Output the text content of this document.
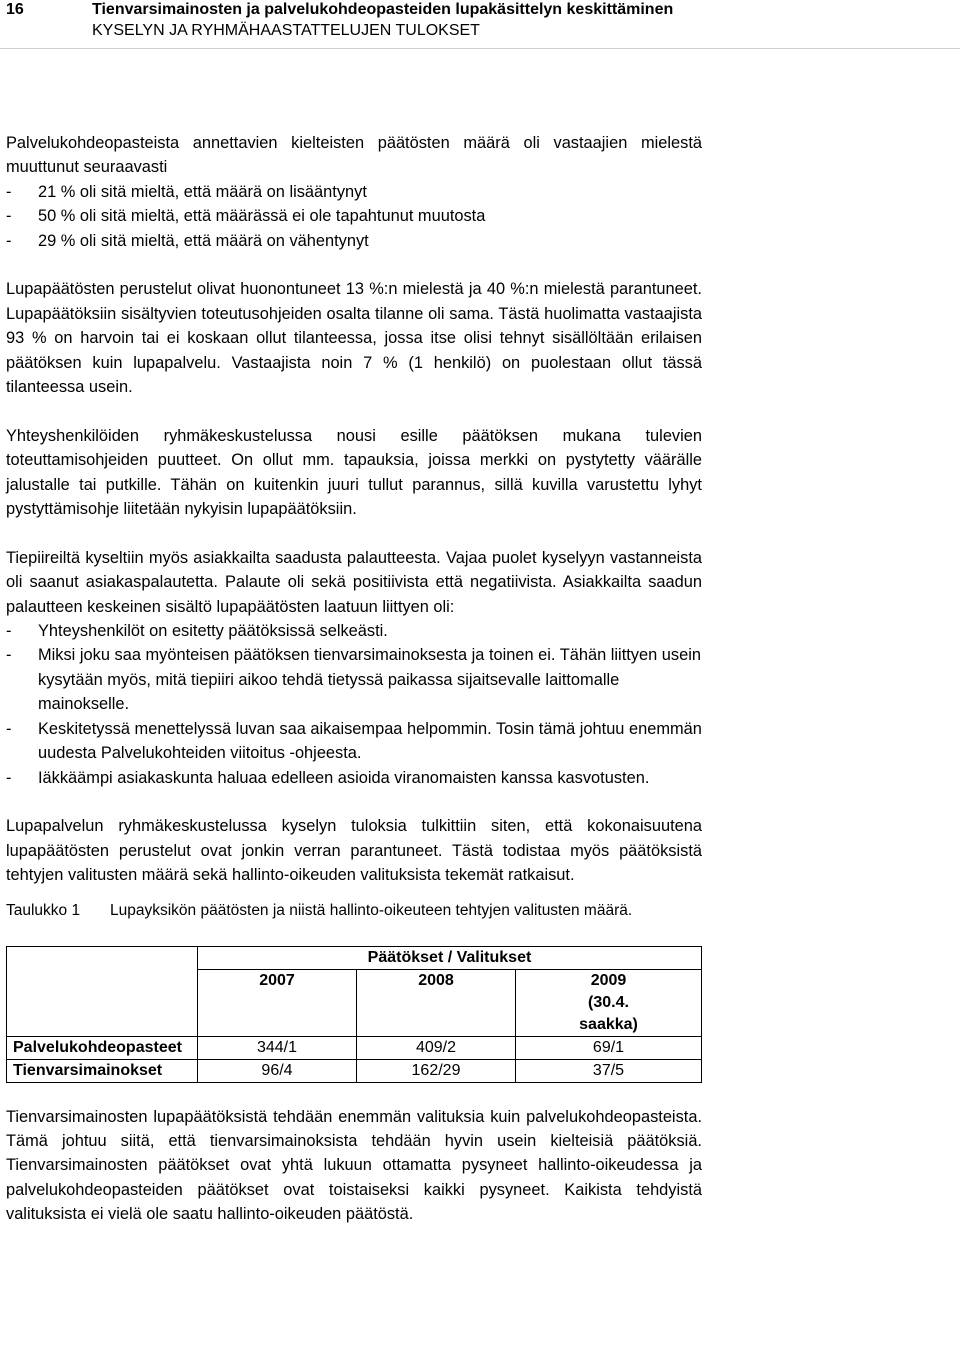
16	Tienvarsimainosten ja palvelukohdeopasteiden lupakäsittelyn keskittäminen
KYSELYN JA RYHMÄHAASTATTELUJEN TULOKSET

Palvelukohdeopasteista annettavien kielteisten päätösten määrä oli vastaajien mielestä muuttunut seuraavasti

- 21 % oli sitä mieltä, että määrä on lisääntynyt
- 50 % oli sitä mieltä, että määrässä ei ole tapahtunut muutosta
- 29 % oli sitä mieltä, että määrä on vähentynyt

Lupapäätösten perustelut olivat huonontuneet 13 %:n mielestä ja 40 %:n mielestä parantuneet. Lupapäätöksiin sisältyvien toteutusohjeiden osalta tilanne oli sama. Tästä huolimatta vastaajista 93 % on harvoin tai ei koskaan ollut tilanteessa, jossa itse olisi tehnyt sisällöltään erilaisen päätöksen kuin lupapalvelu. Vastaajista noin 7 % (1 henkilö) on puolestaan ollut tässä tilanteessa usein.

Yhteyshenkilöiden ryhmäkeskustelussa nousi esille päätöksen mukana tulevien toteuttamisohjeiden puutteet. On ollut mm. tapauksia, joissa merkki on pystytetty väärälle jalustalle tai putkille. Tähän on kuitenkin juuri tullut parannus, sillä kuvilla varustettu lyhyt pystyttämisohje liitetään nykyisin lupapäätöksiin.

Tiepiireiltä kyseltiin myös asiakkailta saadusta palautteesta. Vajaa puolet kyselyyn vastanneista oli saanut asiakaspalautetta. Palaute oli sekä positiivista että negatiivista. Asiakkailta saadun palautteen keskeinen sisältö lupapäätösten laatuun liittyen oli:

- Yhteyshenkilöt on esitetty päätöksissä selkeästi.
- Miksi joku saa myönteisen päätöksen tienvarsimainoksesta ja toinen ei. Tähän liittyen usein kysytään myös, mitä tiepiiri aikoo tehdä tietyssä paikassa sijaitsevalle laittomalle mainokselle.
- Keskitetyssä menettelyssä luvan saa aikaisempaa helpommin. Tosin tämä johtuu enemmän uudesta Palvelukohteiden viitoitus -ohjeesta.
- Iäkkäämpi asiakaskunta haluaa edelleen asioida viranomaisten kanssa kasvotusten.

Lupapalvelun ryhmäkeskustelussa kyselyn tuloksia tulkittiin siten, että kokonaisuutena lupapäätösten perustelut ovat jonkin verran parantuneet. Tästä todistaa myös päätöksistä tehtyjen valitusten määrä sekä hallinto-oikeuden valituksista tekemät ratkaisut.

Taulukko 1	Lupayksikön päätösten ja niistä hallinto-oikeuteen tehtyjen valitusten määrä.
	Päätökset / Valitukset		
	2007	2008	2009 (30.4. saakka)
Palvelukohdeopasteet	344/1	409/2	69/1
Tienvarsimainokset	96/4	162/29	37/5

Tienvarsimainosten lupapäätöksistä tehdään enemmän valituksia kuin palvelukohdeopasteista. Tämä johtuu siitä, että tienvarsimainoksista tehdään hyvin usein kielteisiä päätöksiä. Tienvarsimainosten päätökset ovat yhtä lukuun ottamatta pysyneet hallinto-oikeudessa ja palvelukohdeopasteiden päätökset ovat toistaiseksi kaikki pysyneet. Kaikista tehdyistä valituksista ei vielä ole saatu hallinto-oikeuden päätöstä.
